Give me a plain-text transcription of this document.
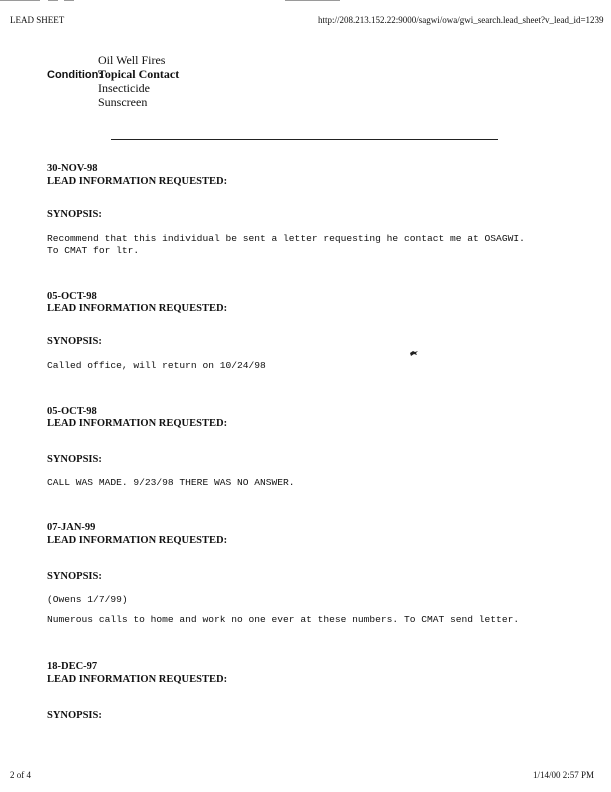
LEAD SHEET	http://208.213.152.22:9000/sagwi/owa/gwi_search.lead_sheet?v_lead_id=1239
Oil Well Fires
Condition:
Topical Contact
Insecticide
Sunscreen
30-NOV-98
LEAD INFORMATION REQUESTED:
SYNOPSIS:
Recommend that this individual be sent a letter requesting he contact me at OSAGWI.
To CMAT for ltr.
05-OCT-98
LEAD INFORMATION REQUESTED:
SYNOPSIS:
Called office, will return on 10/24/98
05-OCT-98
LEAD INFORMATION REQUESTED:
SYNOPSIS:
CALL WAS MADE. 9/23/98 THERE WAS NO ANSWER.
07-JAN-99
LEAD INFORMATION REQUESTED:
SYNOPSIS:
(Owens 1/7/99)
Numerous calls to home and work no one ever at these numbers. To CMAT send letter.
18-DEC-97
LEAD INFORMATION REQUESTED:
SYNOPSIS:
2 of 4	1/14/00 2:57 PM
